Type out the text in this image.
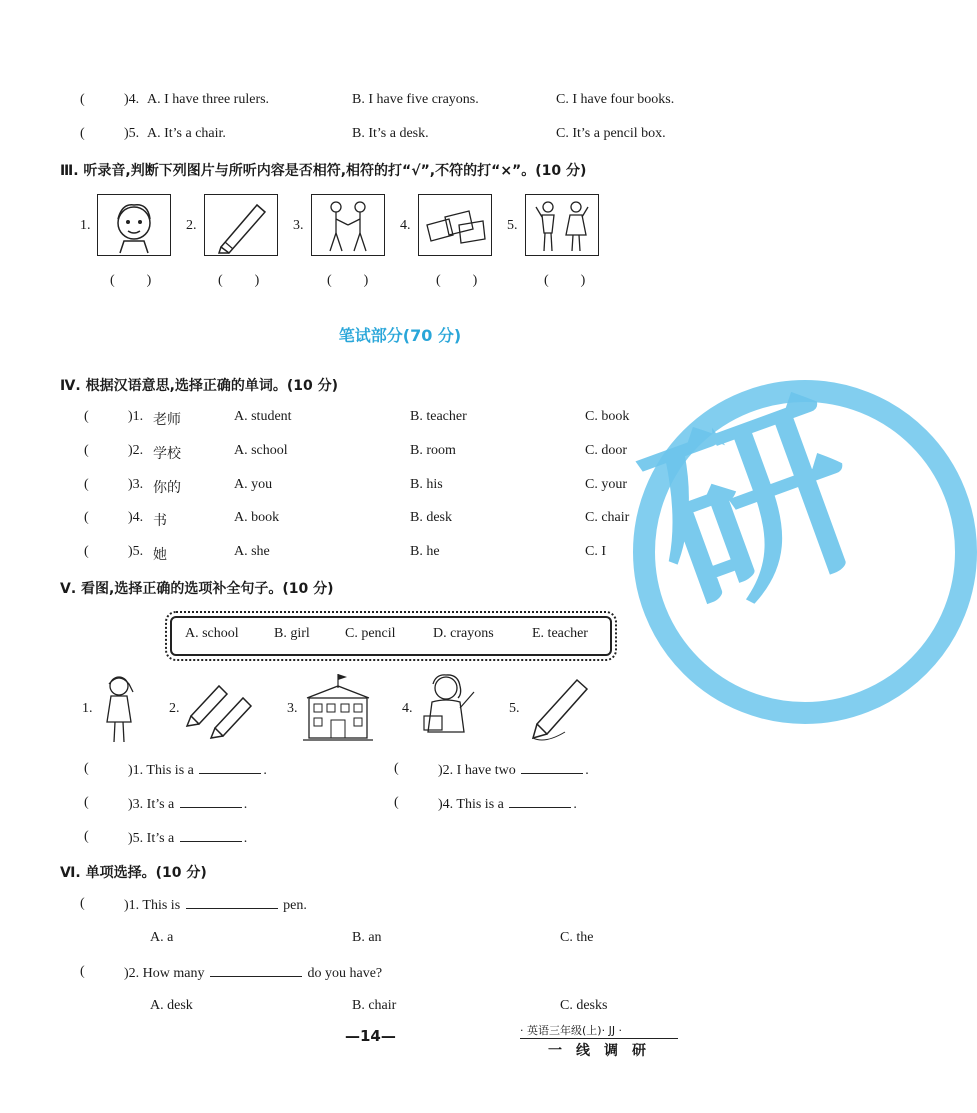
研
(	)4. A. I have three rulers.	B. I have five crayons.	C. I have four books.
(	)5. A. It’s a chair.	B. It’s a desk.	C. It’s a pencil box.
Ⅲ. 听录音,判断下列图片与所听内容是否相符,相符的打“√”,不符的打“×”。(10 分)
1.	2.	3.	4.	5.
( )	( )	( )	( )	( )
笔试部分(70 分)
Ⅳ. 根据汉语意思,选择正确的单词。(10 分)
(	)1. 老师	A. student	B. teacher	C. book
(	)2. 学校	A. school	B. room	C. door
(	)3. 你的	A. you	B. his	C. your
(	)4. 书	A. book	B. desk	C. chair
(	)5. 她	A. she	B. he	C. I
Ⅴ. 看图,选择正确的选项补全句子。(10 分)
A. school	B. girl	C. pencil	D. crayons	E. teacher
1.	2.	3.	4.	5.
(	)1. This is a	.	(	)2. I have two	.
(	)3. It’s a	.	(	)4. This is a	.
(	)5. It’s a	.
Ⅵ. 单项选择。(10 分)
(	)1. This is	pen.
A. a	B. an	C. the
(	)2. How many	do you have?
A. desk	B. chair	C. desks
—14—	· 英语三年级(上)· JJ ·
一线调研
